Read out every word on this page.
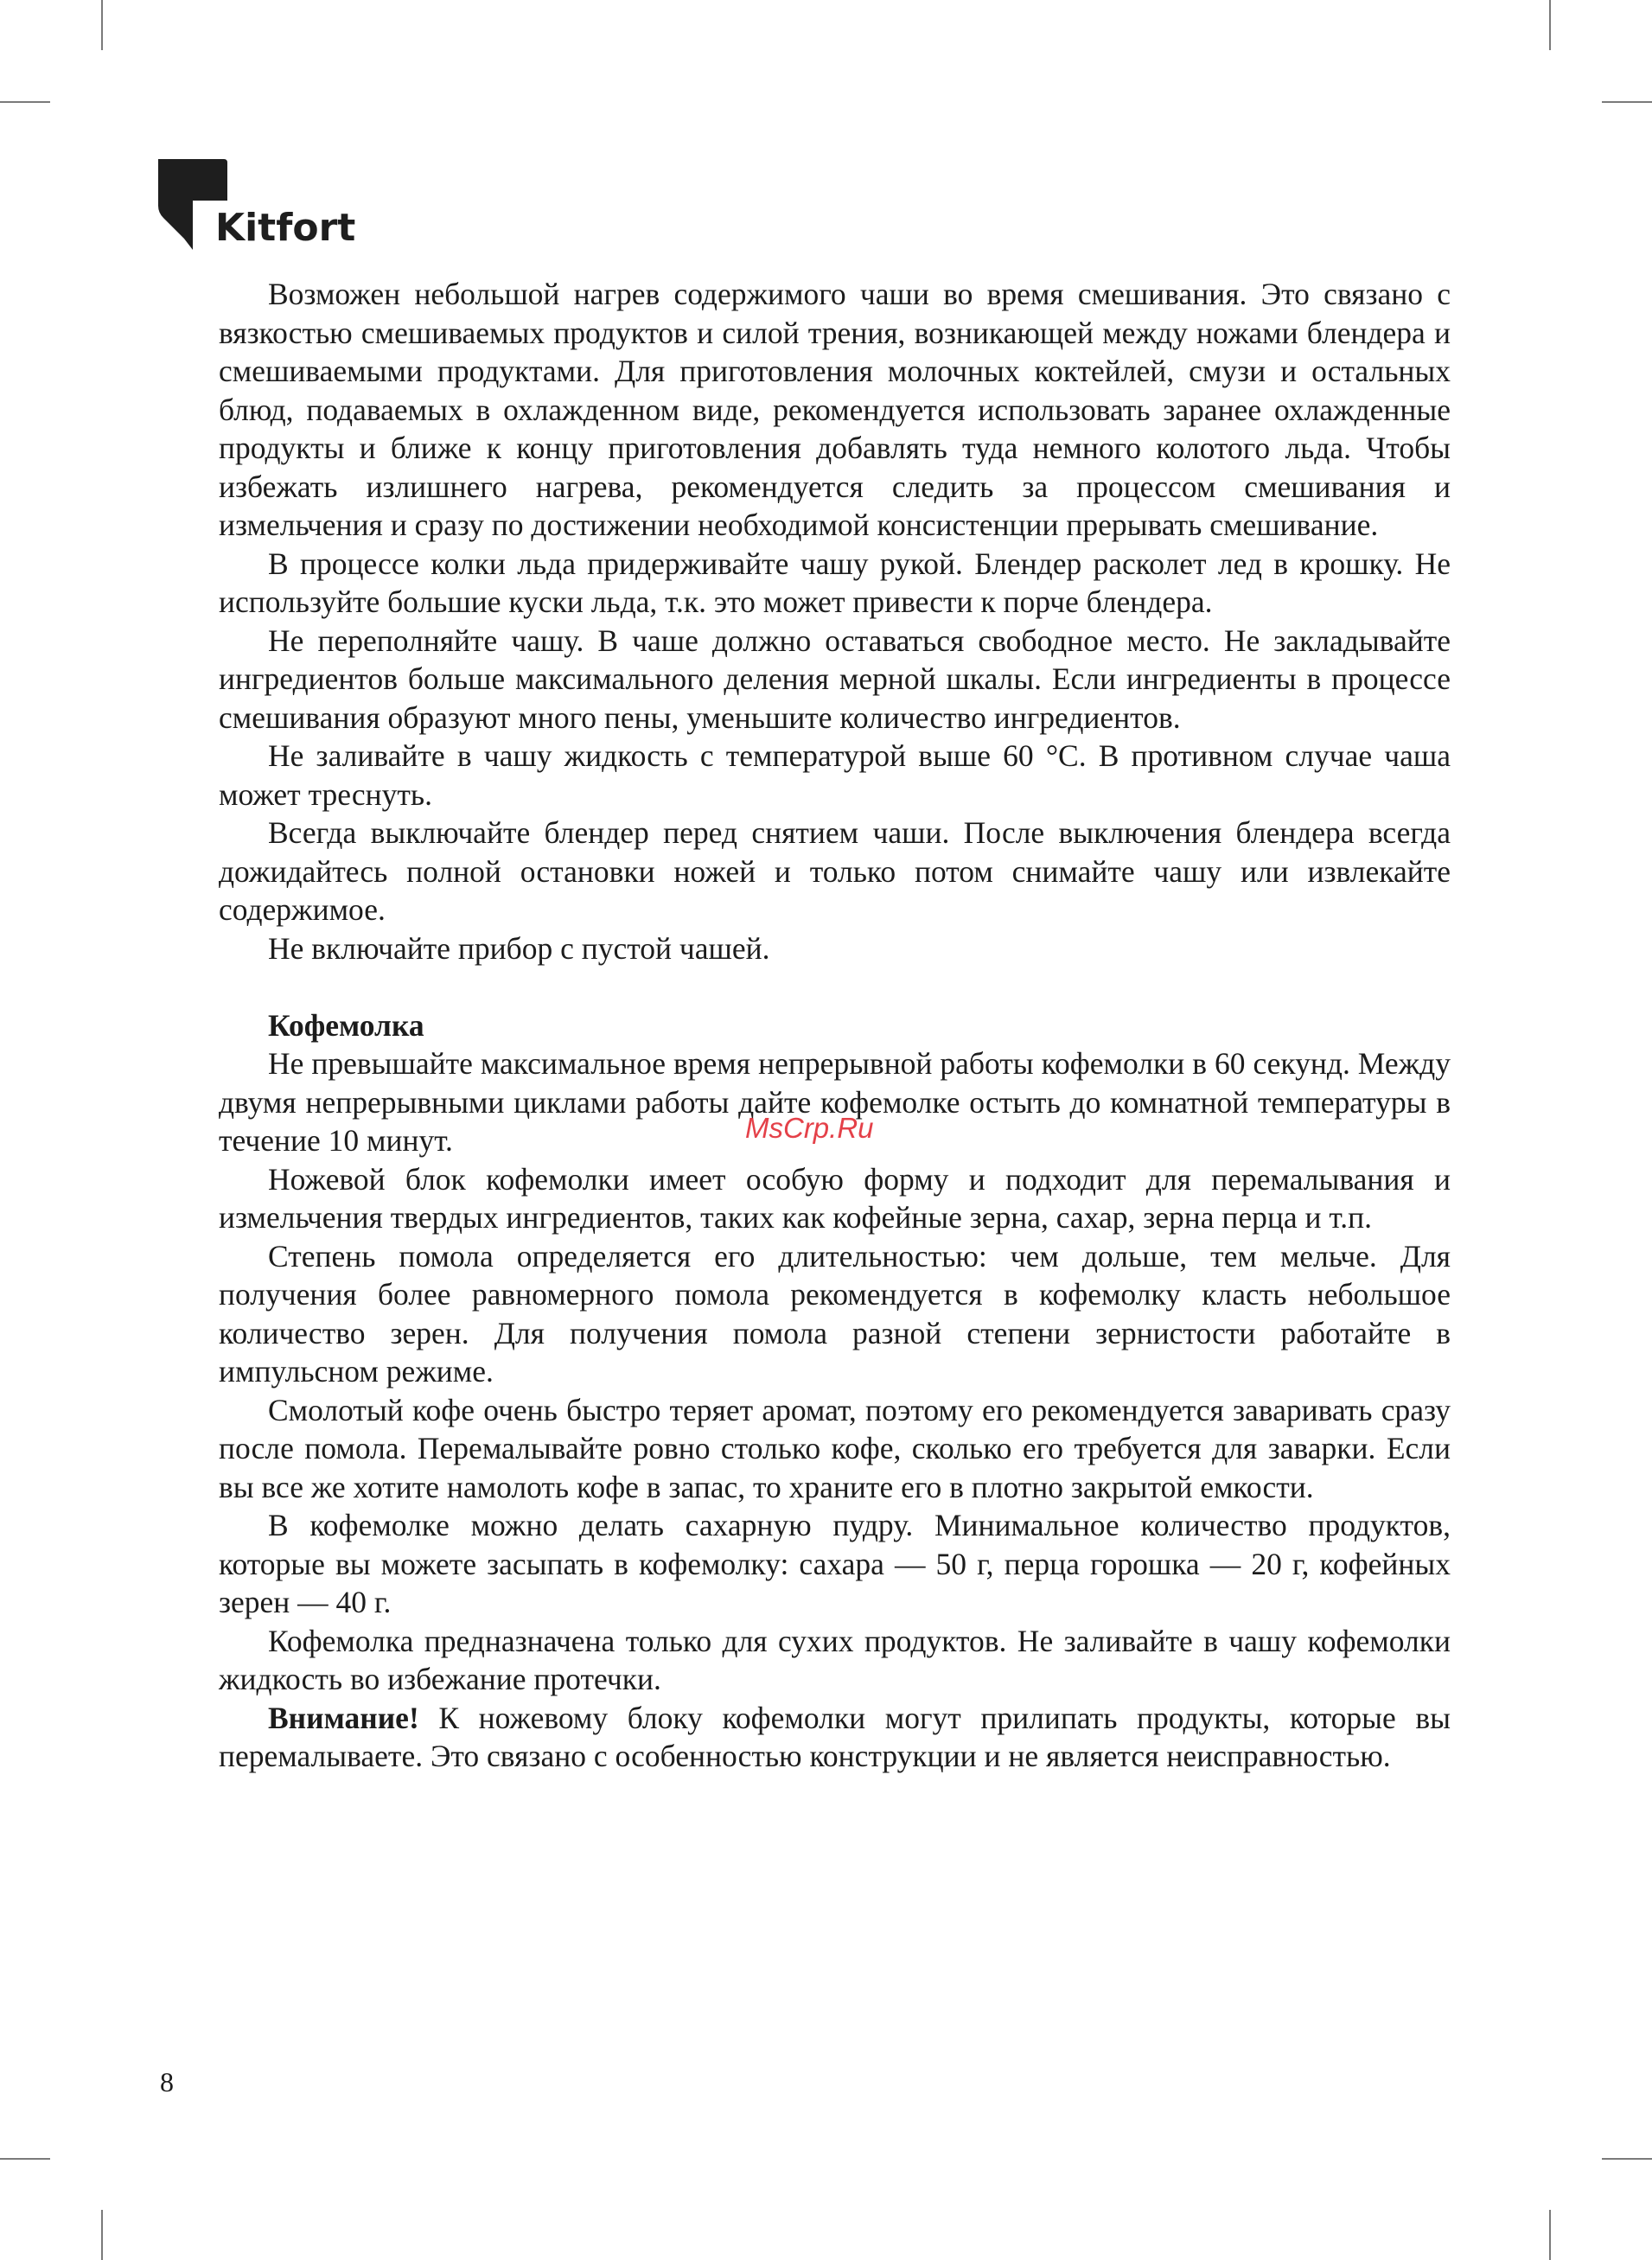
Kitfort

Возможен небольшой нагрев содержимого чаши во время смешивания. Это связано с вязкостью смешиваемых продуктов и силой трения, возникающей между ножами блендера и смешиваемыми продуктами. Для приготовления молочных коктейлей, смузи и остальных блюд, подаваемых в охлажденном виде, рекомендуется использовать заранее охлажденные продукты и ближе к концу приготовления добавлять туда немного колотого льда. Чтобы избежать излишнего нагрева, рекомендуется следить за процессом смешивания и измельчения и сразу по достижении необходимой консистенции прерывать смешивание.

В процессе колки льда придерживайте чашу рукой. Блендер расколет лед в крошку. Не используйте большие куски льда, т.к. это может привести к порче блендера.

Не переполняйте чашу. В чаше должно оставаться свободное место. Не закладывайте ингредиентов больше максимального деления мерной шкалы. Если ингредиенты в процессе смешивания образуют много пены, уменьшите количество ингредиентов.

Не заливайте в чашу жидкость с температурой выше 60 °C. В противном случае чаша может треснуть.

Всегда выключайте блендер перед снятием чаши. После выключения блендера всегда дожидайтесь полной остановки ножей и только потом снимайте чашу или извлекайте содержимое.

Не включайте прибор с пустой чашей.

Кофемолка

Не превышайте максимальное время непрерывной работы кофемолки в 60 секунд. Между двумя непрерывными циклами работы дайте кофемолке остыть до комнатной температуры в течение 10 минут.

Ножевой блок кофемолки имеет особую форму и подходит для перемалывания и измельчения твердых ингредиентов, таких как кофейные зерна, сахар, зерна перца и т.п.

Степень помола определяется его длительностью: чем дольше, тем мельче. Для получения более равномерного помола рекомендуется в кофемолку класть небольшое количество зерен. Для получения помола разной степени зернистости работайте в импульсном режиме.

Смолотый кофе очень быстро теряет аромат, поэтому его рекомендуется заваривать сразу после помола. Перемалывайте ровно столько кофе, сколько его требуется для заварки. Если вы все же хотите намолоть кофе в запас, то храните его в плотно закрытой емкости.

В кофемолке можно делать сахарную пудру. Минимальное количество продуктов, которые вы можете засыпать в кофемолку: сахара — 50 г, перца горошка — 20 г, кофейных зерен — 40 г.

Кофемолка предназначена только для сухих продуктов. Не заливайте в чашу кофемолки жидкость во избежание протечки.

Внимание! К ножевому блоку кофемолки могут прилипать продукты, которые вы перемалываете. Это связано с особенностью конструкции и не является неисправностью.

MsCrp.Ru
8
